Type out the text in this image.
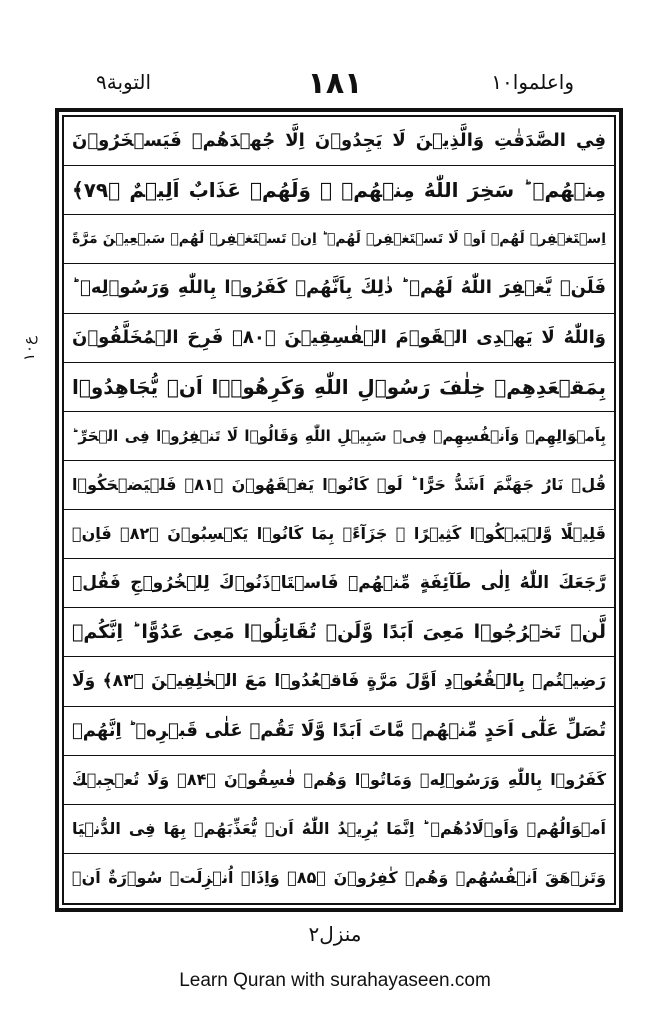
التوبة٩	١٨١	واعلموا١٠
ع١٠
فِي الصَّدَقٰتِ وَالَّذِيۡنَ لَا يَجِدُوۡنَ اِلَّا جُهۡدَهُمۡ فَيَسۡخَرُوۡنَ
مِنۡهُمۡ ؕ سَخِرَ اللّٰهُ مِنۡهُمۡ ۫ وَلَهُمۡ عَذَابٌ اَلِيۡمٌ ﴿۷۹﴾
اِسۡتَغۡفِرۡ لَهُمۡ اَوۡ لَا تَسۡتَغۡفِرۡ لَهُمۡ ؕ اِنۡ تَسۡتَغۡفِرۡ لَهُمۡ سَبۡعِيۡنَ مَرَّةً
فَلَنۡ يَّغۡفِرَ اللّٰهُ لَهُمۡ ؕ ذٰلِكَ بِاَنَّهُمۡ كَفَرُوۡا بِاللّٰهِ وَرَسُوۡلِهٖ ؕ
وَاللّٰهُ لَا يَهۡدِى الۡقَوۡمَ الۡفٰسِقِيۡنَ ﴿۸۰﴾ فَرِحَ الۡمُخَلَّفُوۡنَ
بِمَقۡعَدِهِمۡ خِلٰفَ رَسُوۡلِ اللّٰهِ وَكَرِهُوۡۤا اَنۡ يُّجَاهِدُوۡا
بِاَمۡوَالِهِمۡ وَاَنۡفُسِهِمۡ فِىۡ سَبِيۡلِ اللّٰهِ وَقَالُوۡا لَا تَنۡفِرُوۡا فِى الۡحَرِّ ؕ
قُلۡ نَارُ جَهَنَّمَ اَشَدُّ حَرًّا ؕ لَوۡ كَانُوۡا يَفۡقَهُوۡنَ ﴿۸۱﴾ فَلۡيَضۡحَكُوۡا
قَلِيۡلًا وَّلۡيَبۡكُوۡا كَثِيۡرًا ۚ جَزَآءًۢ بِمَا كَانُوۡا يَكۡسِبُوۡنَ ﴿۸۲﴾ فَاِنۡ
رَّجَعَكَ اللّٰهُ اِلٰى طَآئِفَةٍ مِّنۡهُمۡ فَاسۡتَاۡذَنُوۡكَ لِلۡخُرُوۡجِ فَقُلۡ
لَّنۡ تَخۡرُجُوۡا مَعِىَ اَبَدًا وَّلَنۡ تُقَاتِلُوۡا مَعِىَ عَدُوًّا ؕ اِنَّكُمۡ
رَضِيۡتُمۡ بِالۡقُعُوۡدِ اَوَّلَ مَرَّةٍ فَاقۡعُدُوۡا مَعَ الۡخٰلِفِيۡنَ ﴿۸۳﴾ وَلَا
تُصَلِّ عَلٰٓى اَحَدٍ مِّنۡهُمۡ مَّاتَ اَبَدًا وَّلَا تَقُمۡ عَلٰى قَبۡرِهٖ ؕ اِنَّهُمۡ
كَفَرُوۡا بِاللّٰهِ وَرَسُوۡلِهٖ وَمَاتُوۡا وَهُمۡ فٰسِقُوۡنَ ﴿۸۴﴾ وَلَا تُعۡجِبۡكَ
اَمۡوَالُهُمۡ وَاَوۡلَادُهُمۡ ؕ اِنَّمَا يُرِيۡدُ اللّٰهُ اَنۡ يُّعَذِّبَهُمۡ بِهَا فِى الدُّنۡيَا
وَتَزۡهَقَ اَنۡفُسُهُمۡ وَهُمۡ كٰفِرُوۡنَ ﴿۸۵﴾ وَاِذَاۤ اُنۡزِلَتۡ سُوۡرَةٌ اَنۡ
منزل٢
Learn Quran with surahayaseen.com
